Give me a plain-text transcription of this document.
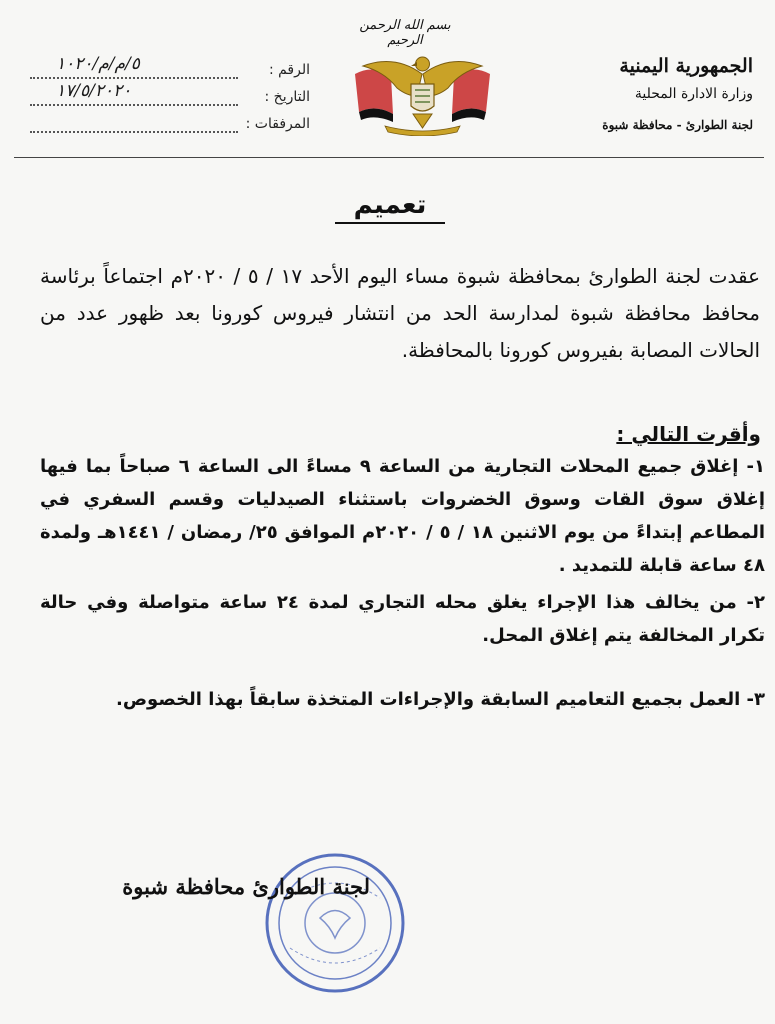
الجمهورية اليمنية
وزارة الادارة المحلية
لجنة الطوارئ - محافظة شبوة
بسم الله الرحمن الرحيم
الرقم :
٥/م/م/١٠٢٠
التاريخ :
١٧/٥/٢٠٢٠
المرفقات :
تعميم
عقدت لجنة الطوارئ بمحافظة شبوة مساء اليوم الأحد ١٧ / ٥ / ٢٠٢٠م اجتماعاً برئاسة محافظ محافظة شبوة لمدارسة الحد من انتشار فيروس كورونا بعد ظهور عدد من الحالات المصابة بفيروس كورونا بالمحافظة.
وأقرت التالي :
١- إغلاق جميع المحلات التجارية من الساعة ٩ مساءً الى الساعة ٦ صباحاً بما فيها إغلاق سوق القات وسوق الخضروات باستثناء الصيدليات وقسم السفري في المطاعم إبتداءً من يوم الاثنين ١٨ / ٥ / ٢٠٢٠م الموافق ٢٥/ رمضان / ١٤٤١هـ ولمدة ٤٨ ساعة قابلة للتمديد .
٢- من يخالف هذا الإجراء يغلق محله التجاري لمدة ٢٤ ساعة متواصلة وفي حالة تكرار المخالفة يتم إغلاق المحل.
٣- العمل بجميع التعاميم السابقة والإجراءات المتخذة سابقاً بهذا الخصوص.
لجنة الطوارئ محافظة شبوة
